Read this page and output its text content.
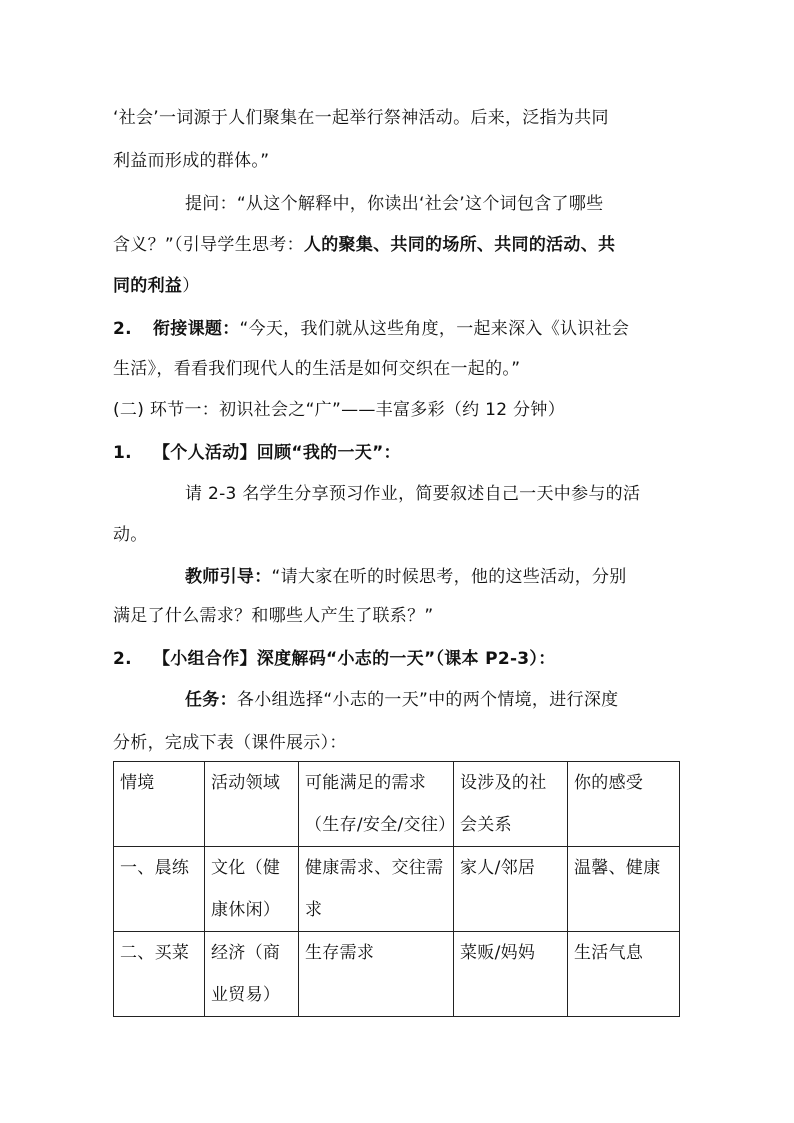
‘社会’一词源于人们聚集在一起举行祭神活动。后来，泛指为共同
利益而形成的群体。”
提问：“从这个解释中，你读出‘社会’这个词包含了哪些
含义？”（引导学生思考：人的聚集、共同的场所、共同的活动、共
同的利益）
2. 衔接课题：“今天，我们就从这些角度，一起来深入《认识社会
生活》，看看我们现代人的生活是如何交织在一起的。”
(二) 环节一：初识社会之“广”——丰富多彩（约 12 分钟）
1. 【个人活动】回顾“我的一天”：
请 2-3 名学生分享预习作业，简要叙述自己一天中参与的活
动。
教师引导：“请大家在听的时候思考，他的这些活动，分别
满足了什么需求？和哪些人产生了联系？”
2. 【小组合作】深度解码“小志的一天”（课本 P2-3）：
任务：各小组选择“小志的一天”中的两个情境，进行深度
分析，完成下表（课件展示）：
情境	活动领域	可能满足的需求（生存/安全/交往）	设涉及的社会关系	你的感受
一、晨练	文化（健康休闲）	健康需求、交往需求	家人/邻居	温馨、健康
二、买菜	经济（商业贸易）	生存需求	菜贩/妈妈	生活气息
